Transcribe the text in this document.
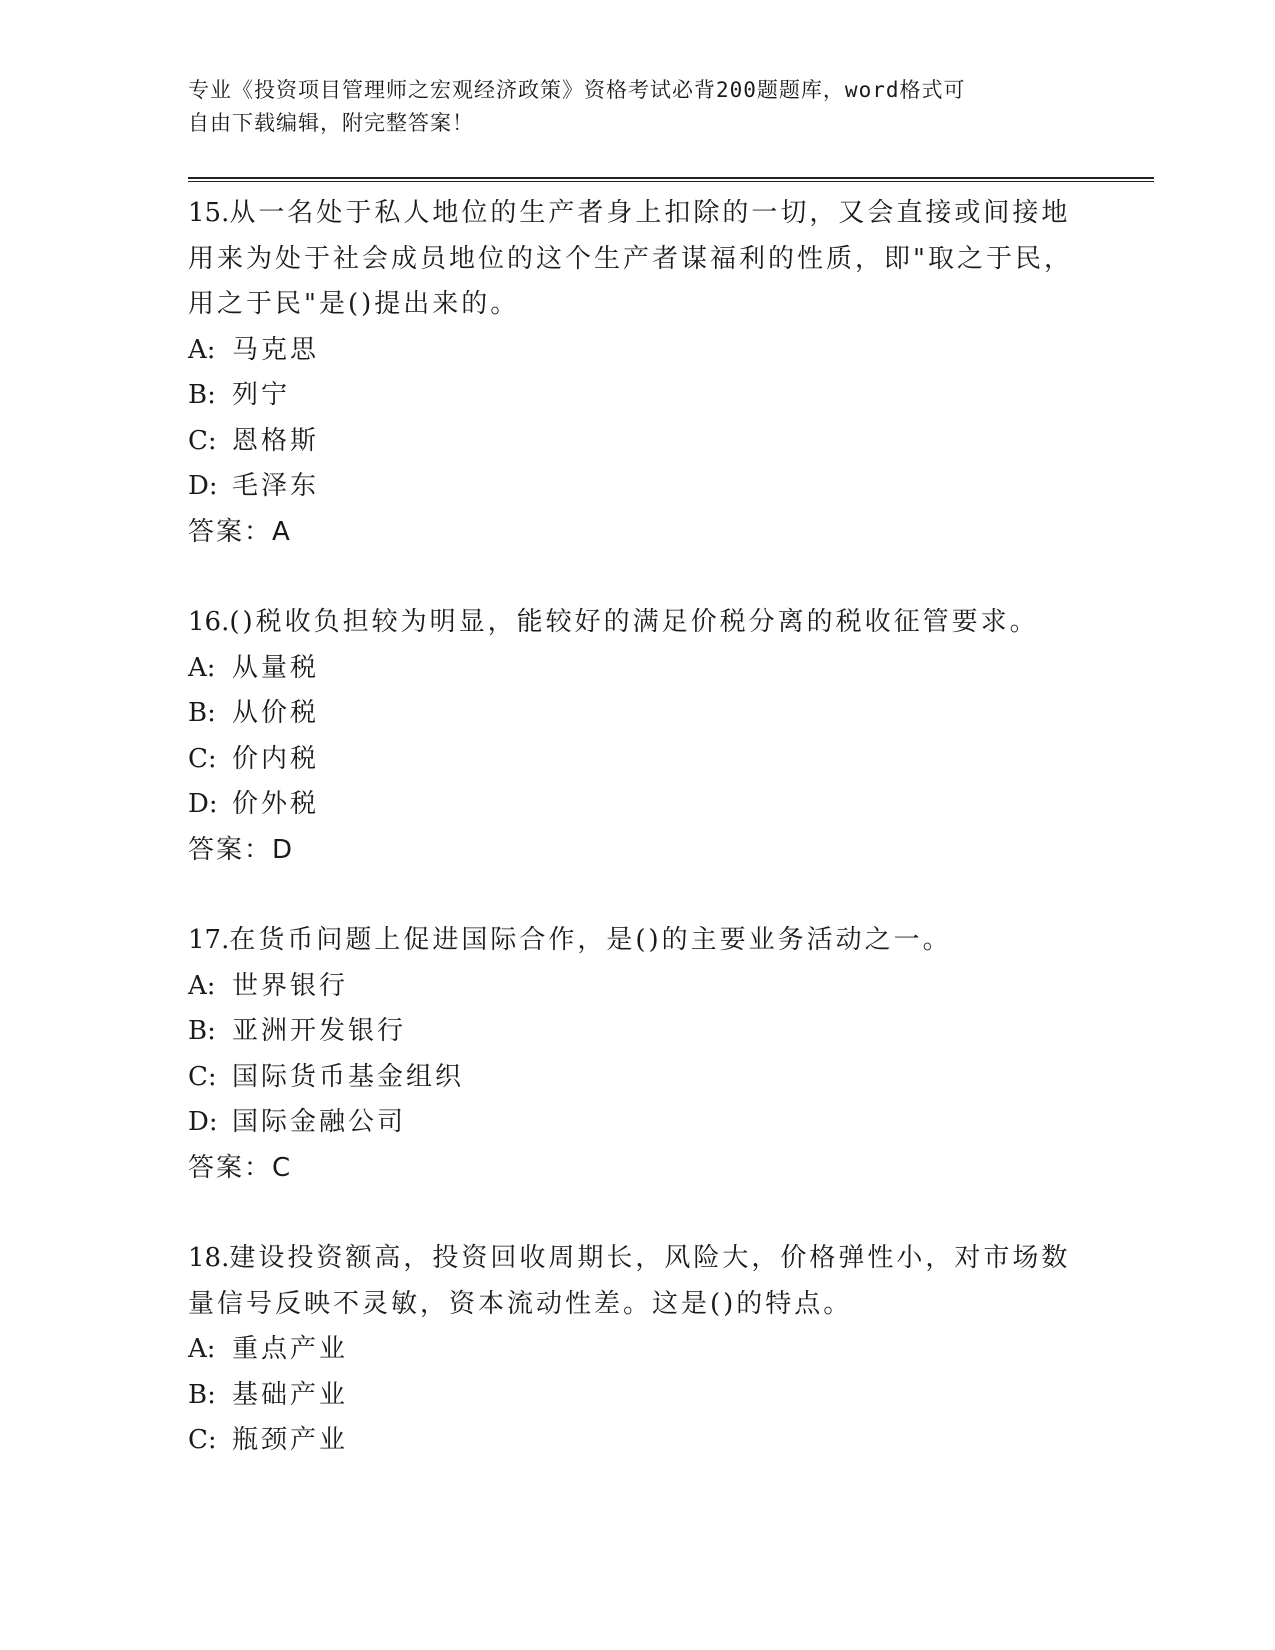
专业《投资项目管理师之宏观经济政策》资格考试必背200题题库，word格式可
自由下载编辑，附完整答案！
15.从一名处于私人地位的生产者身上扣除的一切，又会直接或间接地
用来为处于社会成员地位的这个生产者谋福利的性质，即"取之于民，
用之于民"是()提出来的。
A: 马克思
B: 列宁
C: 恩格斯
D: 毛泽东
答案：A
16.()税收负担较为明显，能较好的满足价税分离的税收征管要求。
A: 从量税
B: 从价税
C: 价内税
D: 价外税
答案：D
17.在货币问题上促进国际合作，是()的主要业务活动之一。
A: 世界银行
B: 亚洲开发银行
C: 国际货币基金组织
D: 国际金融公司
答案：C
18.建设投资额高，投资回收周期长，风险大，价格弹性小，对市场数
量信号反映不灵敏，资本流动性差。这是()的特点。
A: 重点产业
B: 基础产业
C: 瓶颈产业
